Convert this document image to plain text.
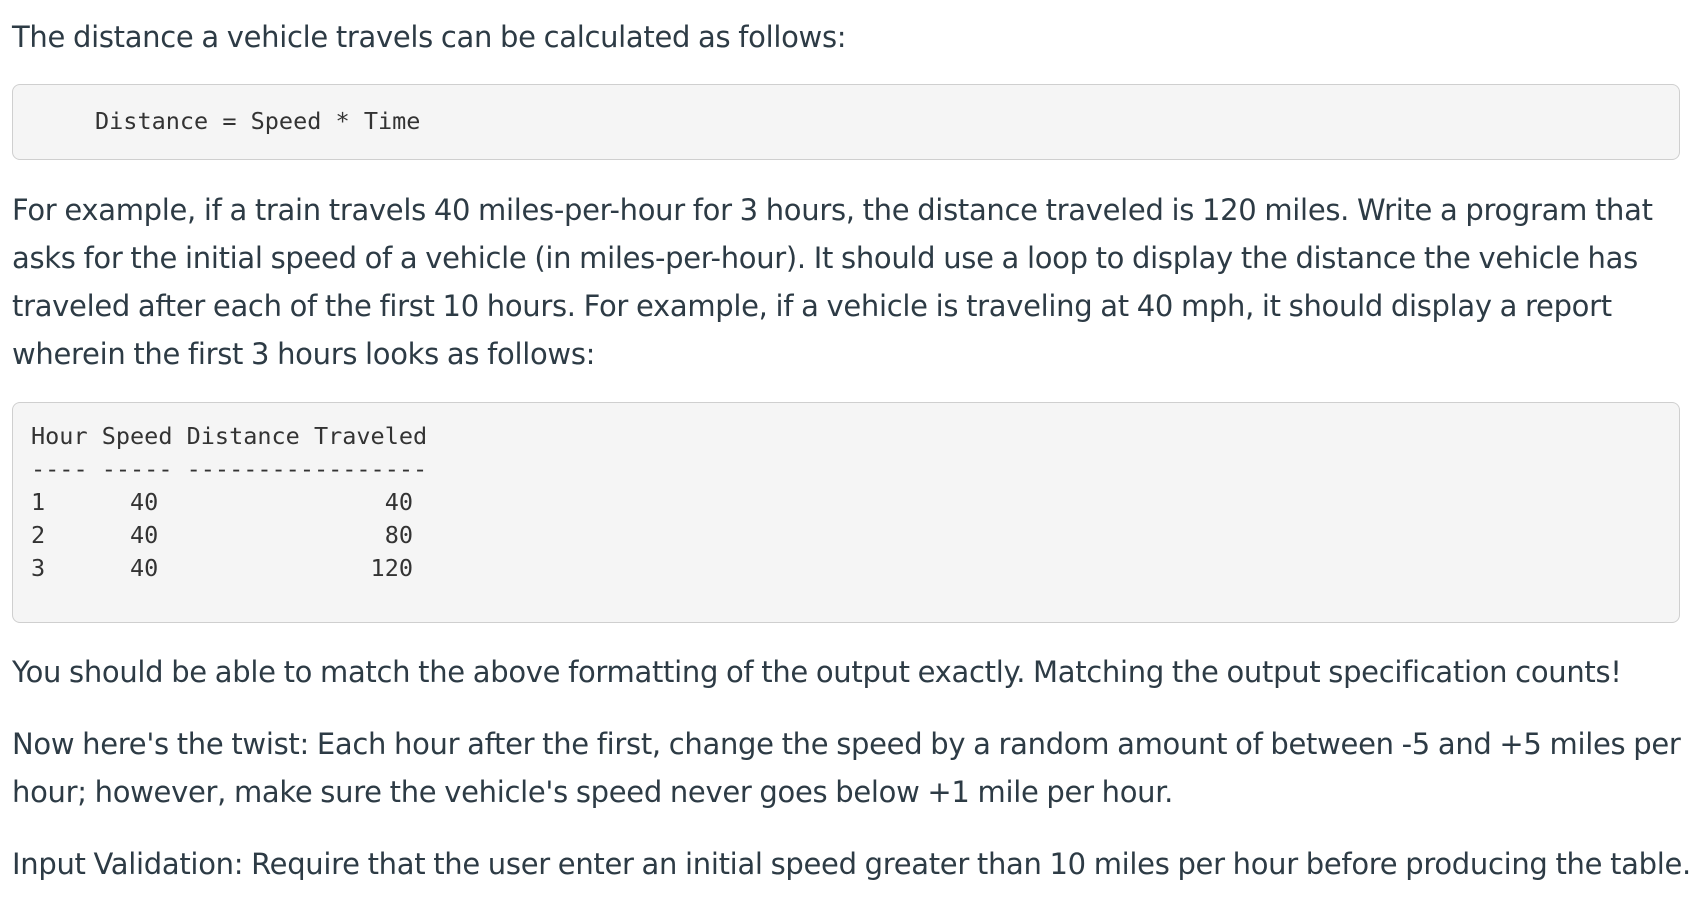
The distance a vehicle travels can be calculated as follows:

Distance = Speed * Time

For example, if a train travels 40 miles-per-hour for 3 hours, the distance traveled is 120 miles. Write a program that asks for the initial speed of a vehicle (in miles-per-hour). It should use a loop to display the distance the vehicle has traveled after each of the first 10 hours. For example, if a vehicle is traveling at 40 mph, it should display a report wherein the first 3 hours looks as follows:

Hour Speed Distance Traveled
---- ----- -----------------
1      40                40
2      40                80
3      40               120

You should be able to match the above formatting of the output exactly. Matching the output specification counts!

Now here's the twist: Each hour after the first, change the speed by a random amount of between -5 and +5 miles per hour; however, make sure the vehicle's speed never goes below +1 mile per hour.

Input Validation: Require that the user enter an initial speed greater than 10 miles per hour before producing the table.
